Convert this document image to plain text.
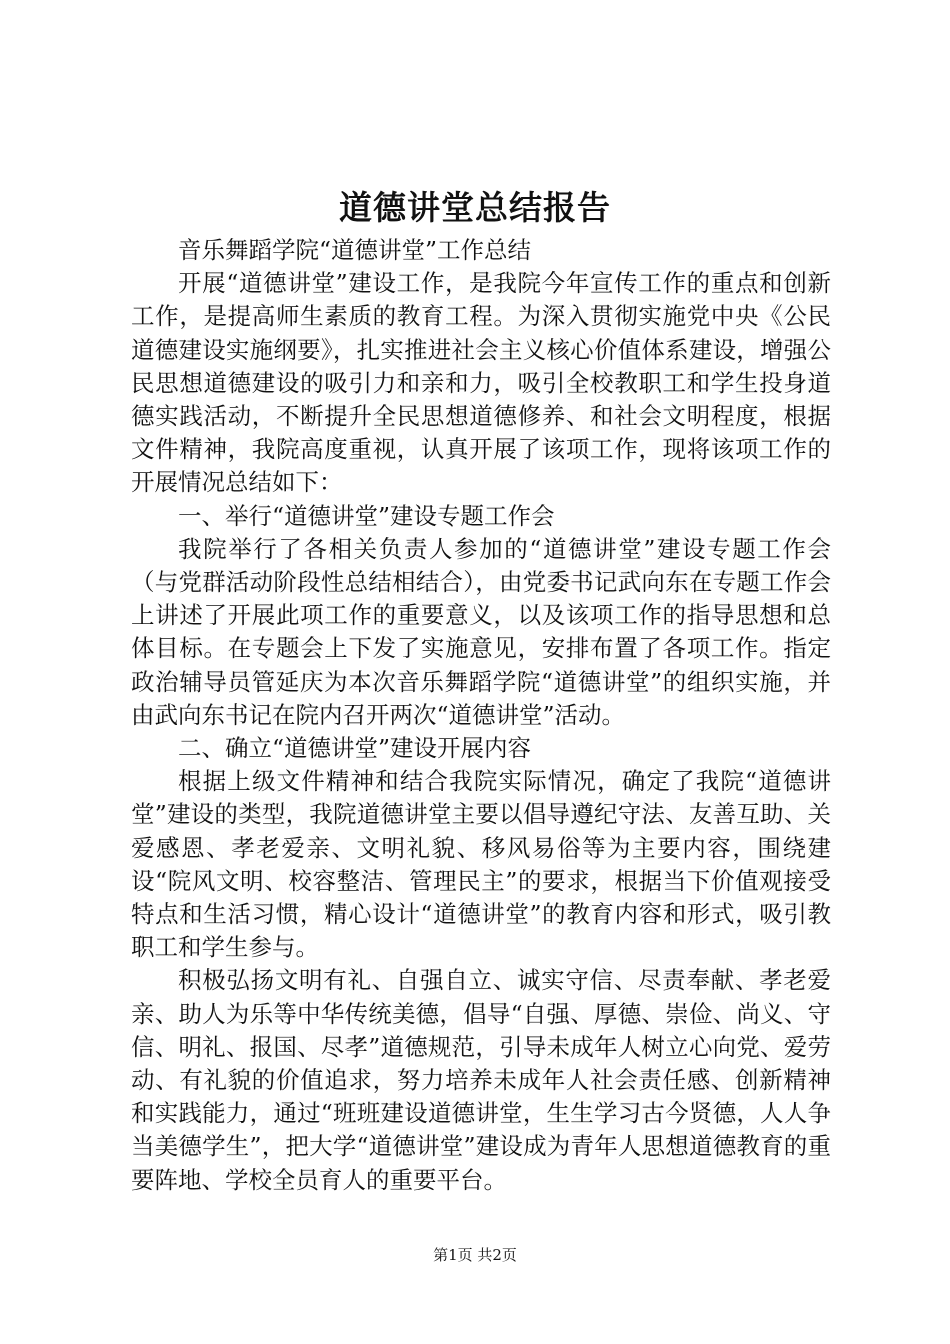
道德讲堂总结报告

音乐舞蹈学院“道德讲堂”工作总结

开展“道德讲堂”建设工作，是我院今年宣传工作的重点和创新工作，是提高师生素质的教育工程。为深入贯彻实施党中央《公民道德建设实施纲要》，扎实推进社会主义核心价值体系建设，增强公民思想道德建设的吸引力和亲和力，吸引全校教职工和学生投身道德实践活动，不断提升全民思想道德修养、和社会文明程度，根据文件精神，我院高度重视，认真开展了该项工作，现将该项工作的开展情况总结如下：

一、举行“道德讲堂”建设专题工作会

我院举行了各相关负责人参加的“道德讲堂”建设专题工作会（与党群活动阶段性总结相结合），由党委书记武向东在专题工作会上讲述了开展此项工作的重要意义，以及该项工作的指导思想和总体目标。在专题会上下发了实施意见，安排布置了各项工作。指定政治辅导员管延庆为本次音乐舞蹈学院“道德讲堂”的组织实施，并由武向东书记在院内召开两次“道德讲堂”活动。

二、确立“道德讲堂”建设开展内容

根据上级文件精神和结合我院实际情况，确定了我院“道德讲堂”建设的类型，我院道德讲堂主要以倡导遵纪守法、友善互助、关爱感恩、孝老爱亲、文明礼貌、移风易俗等为主要内容，围绕建设“院风文明、校容整洁、管理民主”的要求，根据当下价值观接受特点和生活习惯，精心设计“道德讲堂”的教育内容和形式，吸引教职工和学生参与。

积极弘扬文明有礼、自强自立、诚实守信、尽责奉献、孝老爱亲、助人为乐等中华传统美德，倡导“自强、厚德、崇俭、尚义、守信、明礼、报国、尽孝”道德规范，引导未成年人树立心向党、爱劳动、有礼貌的价值追求，努力培养未成年人社会责任感、创新精神和实践能力，通过“班班建设道德讲堂，生生学习古今贤德，人人争当美德学生”，把大学“道德讲堂”建设成为青年人思想道德教育的重要阵地、学校全员育人的重要平台。

第1页 共2页
